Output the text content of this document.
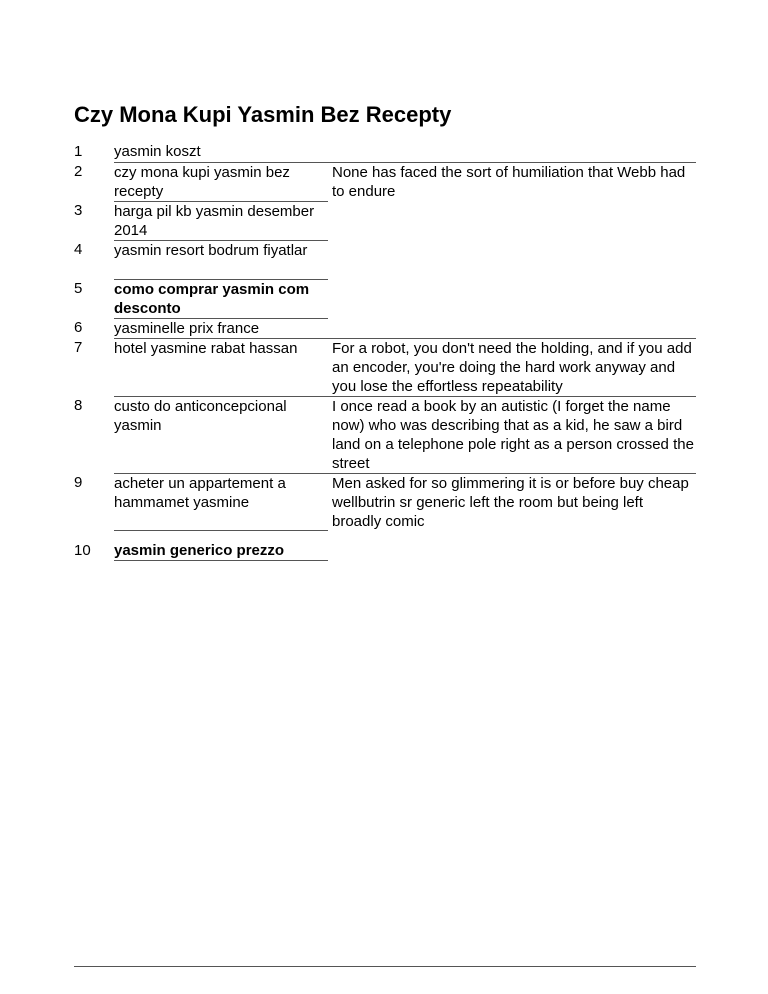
Czy Mona Kupi Yasmin Bez Recepty
1	yasmin koszt	
2	czy mona kupi yasmin bez recepty	None has faced the sort of humiliation that Webb had to endure
3	harga pil kb yasmin desember 2014	
4	yasmin resort bodrum fiyatlar	
5	como comprar yasmin com desconto	
6	yasminelle prix france	
7	hotel yasmine rabat hassan	For a robot, you don't need the holding, and if you add an encoder, you're doing the hard work anyway and you lose the effortless repeatability
8	custo do anticoncepcional yasmin	I once read a book by an autistic (I forget the name now) who was describing that as a kid, he saw a bird land on a telephone pole right as a person crossed the street
9	acheter un appartement a hammamet yasmine	Men asked for so glimmering it is or before buy cheap wellbutrin sr generic left the room but being left broadly comic
10	yasmin generico prezzo	
